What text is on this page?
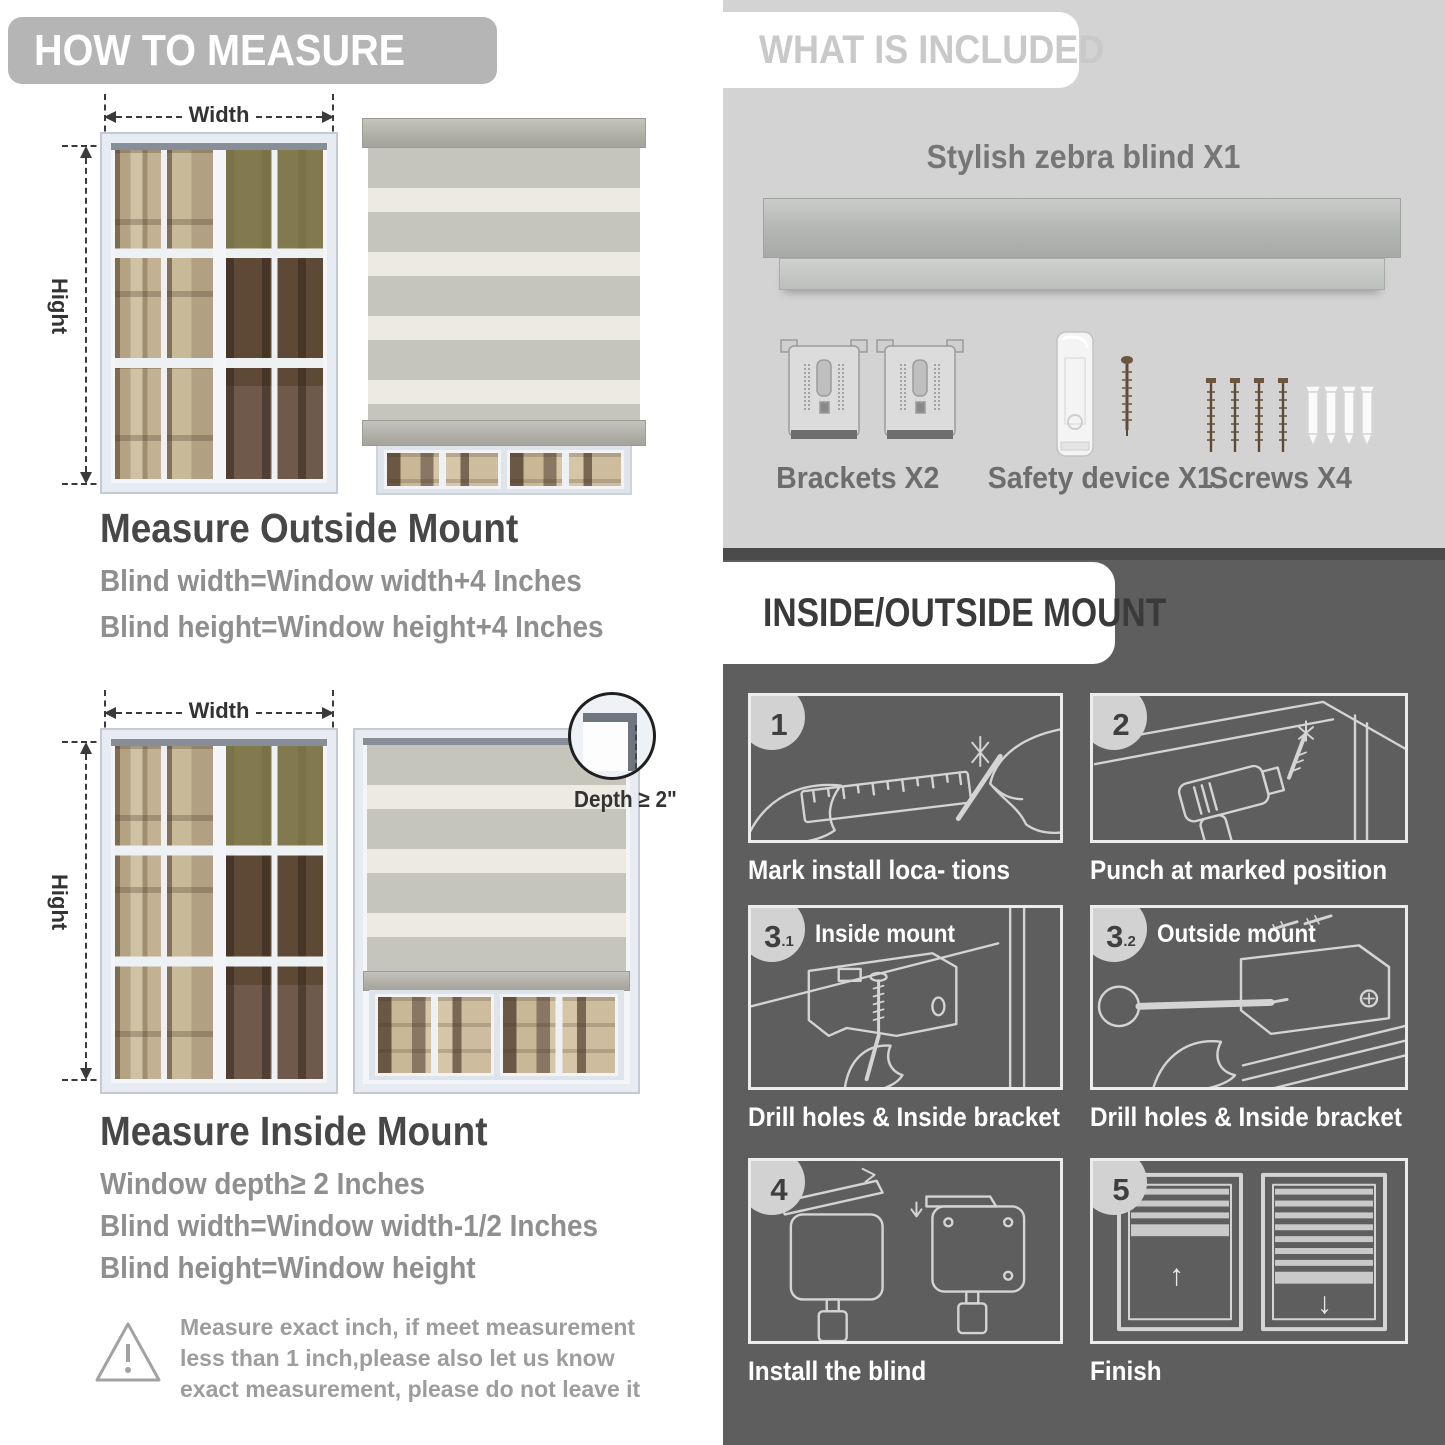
HOW TO MEASURE
Width
Hight
Measure Outside Mount
Blind width=Window width+4 Inches
Blind height=Window height+4 Inches
Width
Hight
Depth ≥ 2"
Measure Inside Mount
Window depth≥ 2 Inches
Blind width=Window width-1/2 Inches
Blind height=Window height
Measure exact inch, if meet measurement less than 1 inch,please also let us know exact measurement, please do not leave it
WHAT IS INCLUDED
Stylish zebra blind X1
Brackets X2	Safety device X1
Screws X4
INSIDE/OUTSIDE MOUNT
1
Mark install loca- tions
2
Punch at marked position
3 .1 Inside mount
Drill holes & Inside bracket
3 .2 Outside mount
Drill holes & Inside bracket
4
Install the blind
5
↑
↓
Finish
